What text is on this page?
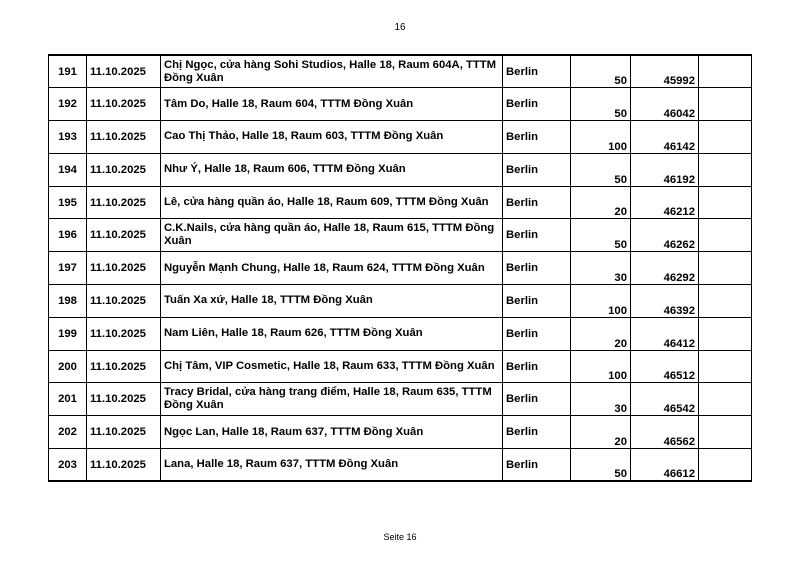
16
191	11.10.2025	Chị Ngọc, cửa hàng Sohi Studios, Halle 18, Raum 604A, TTTM Đồng Xuân	Berlin	50	45992	
192	11.10.2025	Tâm Do, Halle 18, Raum 604, TTTM Đồng Xuân	Berlin	50	46042	
193	11.10.2025	Cao Thị Thảo, Halle 18, Raum 603, TTTM Đồng Xuân	Berlin	100	46142	
194	11.10.2025	Như Ý, Halle 18, Raum 606, TTTM Đồng Xuân	Berlin	50	46192	
195	11.10.2025	Lê, cửa hàng quần áo, Halle 18, Raum 609, TTTM Đồng Xuân	Berlin	20	46212	
196	11.10.2025	C.K.Nails, cửa hàng quần áo, Halle 18, Raum 615, TTTM Đồng Xuân	Berlin	50	46262	
197	11.10.2025	Nguyễn Mạnh Chung, Halle 18, Raum 624, TTTM Đồng Xuân	Berlin	30	46292	
198	11.10.2025	Tuấn Xa xứ, Halle 18, TTTM Đồng Xuân	Berlin	100	46392	
199	11.10.2025	Nam Liên, Halle 18, Raum 626, TTTM Đồng Xuân	Berlin	20	46412	
200	11.10.2025	Chị Tâm, VIP Cosmetic, Halle 18, Raum 633, TTTM Đồng Xuân	Berlin	100	46512	
201	11.10.2025	Tracy Bridal, cửa hàng trang điểm, Halle 18, Raum 635, TTTM Đồng Xuân	Berlin	30	46542	
202	11.10.2025	Ngọc Lan, Halle 18, Raum 637, TTTM Đồng Xuân	Berlin	20	46562	
203	11.10.2025	Lana, Halle 18, Raum 637, TTTM Đồng Xuân	Berlin	50	46612	
Seite 16
